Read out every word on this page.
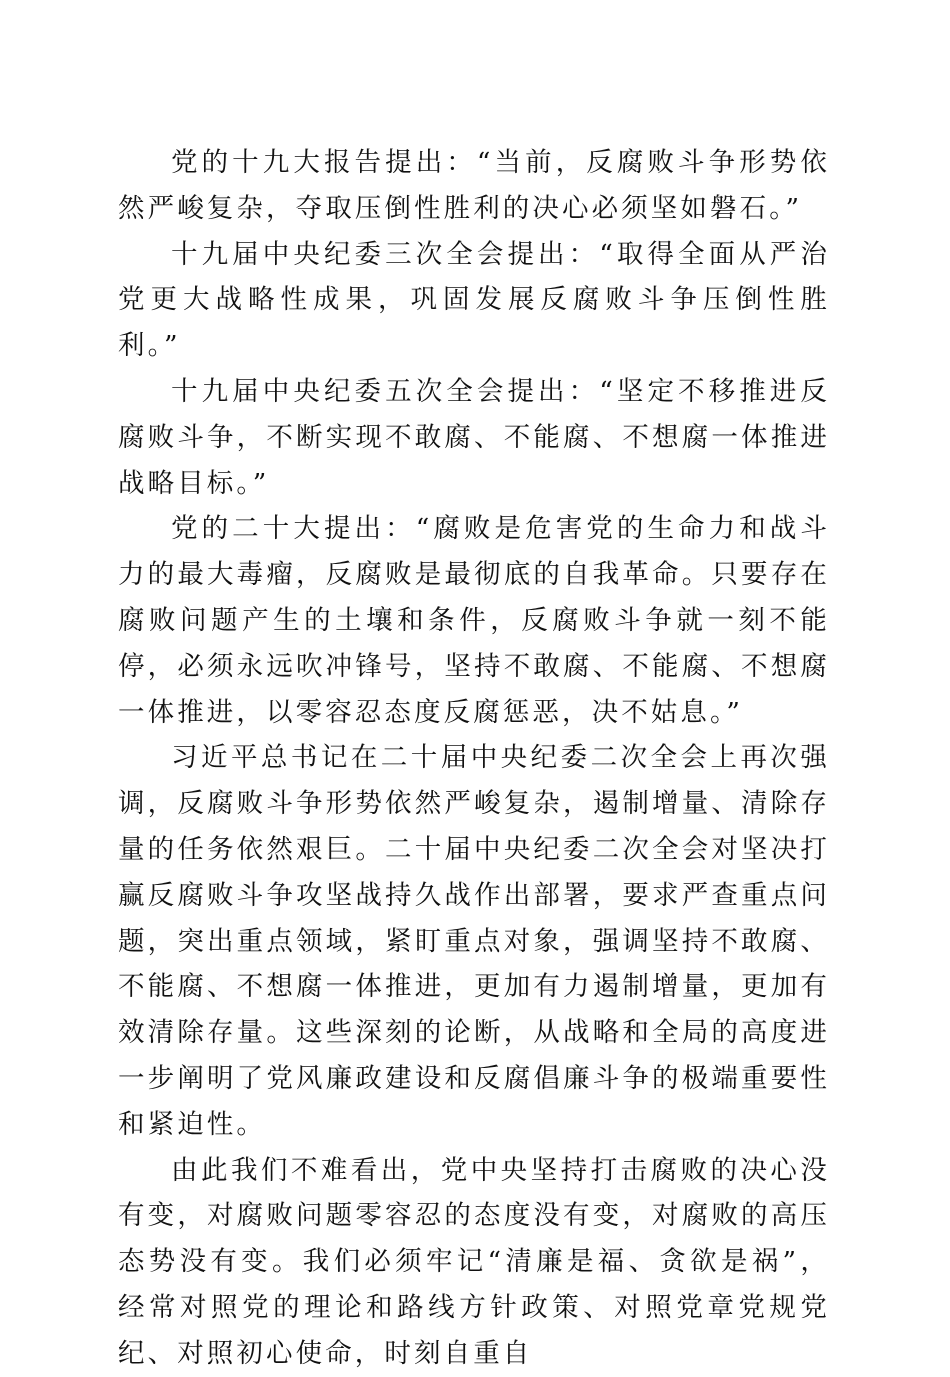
党的十九大报告提出：“当前，反腐败斗争形势依然严峻复杂，夺取压倒性胜利的决心必须坚如磐石。”

十九届中央纪委三次全会提出：“取得全面从严治党更大战略性成果，巩固发展反腐败斗争压倒性胜利。”

十九届中央纪委五次全会提出：“坚定不移推进反腐败斗争，不断实现不敢腐、不能腐、不想腐一体推进战略目标。”

党的二十大提出：“腐败是危害党的生命力和战斗力的最大毒瘤，反腐败是最彻底的自我革命。只要存在腐败问题产生的土壤和条件，反腐败斗争就一刻不能停，必须永远吹冲锋号，坚持不敢腐、不能腐、不想腐一体推进，以零容忍态度反腐惩恶，决不姑息。”

习近平总书记在二十届中央纪委二次全会上再次强调，反腐败斗争形势依然严峻复杂，遏制增量、清除存量的任务依然艰巨。二十届中央纪委二次全会对坚决打赢反腐败斗争攻坚战持久战作出部署，要求严查重点问题，突出重点领域，紧盯重点对象，强调坚持不敢腐、不能腐、不想腐一体推进，更加有力遏制增量，更加有效清除存量。这些深刻的论断，从战略和全局的高度进一步阐明了党风廉政建设和反腐倡廉斗争的极端重要性和紧迫性。

由此我们不难看出，党中央坚持打击腐败的决心没有变，对腐败问题零容忍的态度没有变，对腐败的高压态势没有变。我们必须牢记“清廉是福、贪欲是祸”，经常对照党的理论和路线方针政策、对照党章党规党纪、对照初心使命，时刻自重自
